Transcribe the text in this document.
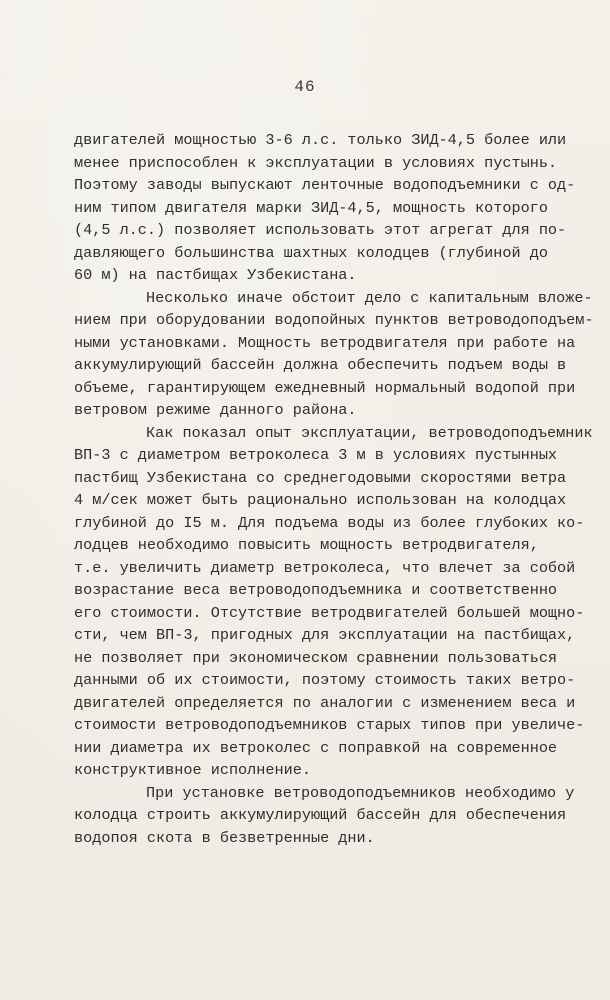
46
двигателей мощностью 3-6 л.с. только ЗИД-4,5 более или
менее приспособлен к эксплуатации в условиях пустынь.
Поэтому заводы выпускают ленточные водоподъемники с од-
ним типом двигателя марки ЗИД-4,5, мощность которого
(4,5 л.с.) позволяет использовать этот агрегат для по-
давляющего большинства шахтных колодцев (глубиной до
60 м) на пастбищах Узбекистана.
Несколько иначе обстоит дело с капитальным вложе-
нием при оборудовании водопойных пунктов ветроводоподъем-
ными установками. Мощность ветродвигателя при работе на
аккумулирующий бассейн должна обеспечить подъем воды в
объеме, гарантирующем ежедневный нормальный водопой при
ветровом режиме данного района.
Как показал опыт эксплуатации, ветроводоподъемник
ВП-3 с диаметром ветроколеса 3 м в условиях пустынных
пастбищ Узбекистана со среднегодовыми скоростями ветра
4 м/сек может быть рационально использован на колодцах
глубиной до I5 м. Для подъема воды из более глубоких ко-
лодцев необходимо повысить мощность ветродвигателя,
т.е. увеличить диаметр ветроколеса, что влечет за собой
возрастание веса ветроводоподъемника и соответственно
его стоимости. Отсутствие ветродвигателей большей мощно-
сти, чем ВП-3, пригодных для эксплуатации на пастбищах,
не позволяет при экономическом сравнении пользоваться
данными об их стоимости, поэтому стоимость таких ветро-
двигателей определяется по аналогии с изменением веса и
стоимости ветроводоподъемников старых типов при увеличе-
нии диаметра их ветроколес с поправкой на современное
конструктивное исполнение.
При установке ветроводоподъемников необходимо у
колодца строить аккумулирующий бассейн для обеспечения
водопоя скота в безветренные дни.
